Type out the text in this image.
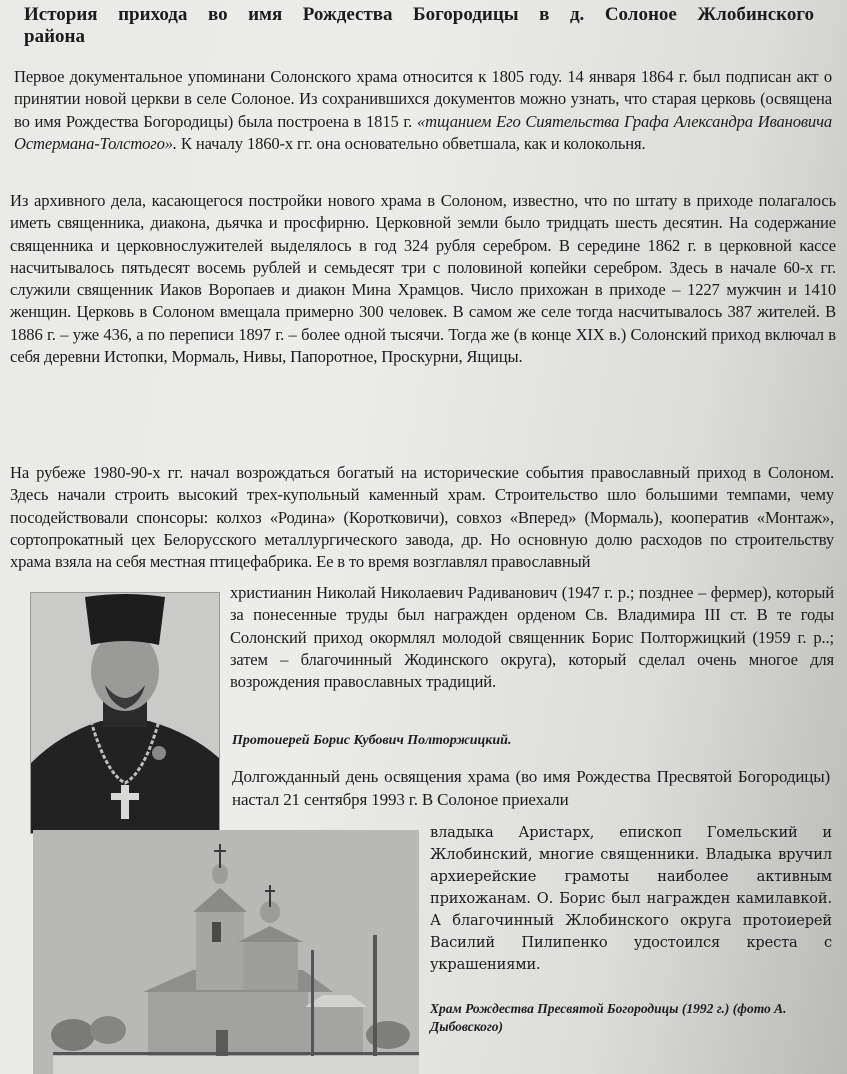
История прихода во имя Рождества Богородицы в д. Солоное Жлобинского района
Первое документальное упоминани Солонского храма относится к 1805 году. 14 января 1864 г. был подписан акт о принятии новой церкви в селе Солоное. Из сохранившихся документов можно узнать, что старая церковь (освящена во имя Рождества Богородицы) была построена в 1815 г. «тщанием Его Сиятельства Графа Александра Ивановича Остермана-Толстого». К началу 1860-х гг. она основательно обветшала, как и колокольня.
Из архивного дела, касающегося постройки нового храма в Солоном, известно, что по штату в приходе полагалось иметь священника, диакона, дьячка и просфирню. Церковной земли было тридцать шесть десятин. На содержание священника и церковнослужителей выделялось в год 324 рубля серебром. В середине 1862 г. в церковной кассе насчитывалось пятьдесят восемь рублей и семьдесят три с половиной копейки серебром. Здесь в начале 60-х гг. служили священник Иаков Воропаев и диакон Мина Храмцов. Число прихожан в приходе – 1227 мужчин и 1410 женщин. Церковь в Солоном вмещала примерно 300 человек. В самом же селе тогда насчитывалось 387 жителей. В 1886 г. – уже 436, а по переписи 1897 г. – более одной тысячи. Тогда же (в конце XIX в.) Солонский приход включал в себя деревни Истопки, Мормаль, Нивы, Папоротное, Проскурни, Ящицы.
На рубеже 1980-90-х гг. начал возрождаться богатый на исторические события православный приход в Солоном. Здесь начали строить высокий трех-купольный каменный храм. Строительство шло большими темпами, чему посодействовали спонсоры: колхоз «Родина» (Коротковичи), совхоз «Вперед» (Мормаль), кооператив «Монтаж», сортопрокатный цех Белорусского металлургического завода, др. Но основную долю расходов по строительству храма взяла на себя местная птицефабрика. Ее в то время возглавлял православный
христианин Николай Николаевич Радиванович (1947 г. р.; позднее – фермер), который за понесенные труды был награжден орденом Св. Владимира III ст. В те годы Солонский приход окормлял молодой священник Борис Полторжицкий (1959 г. р..; затем – благочинный Жодинского округа), который сделал очень многое для возрождения православных традиций.
Протоиерей Борис Кубович Полторжицкий.
Долгожданный день освящения храма (во имя Рождества Пресвятой Богородицы) настал 21 сентября 1993 г. В Солоное приехали
владыка Аристарх, епископ Гомельский и Жлобинский, многие священники. Владыка вручил архиерейские грамоты наиболее активным прихожанам. О. Борис был награжден камилавкой. А благочинный Жлобинского округа протоиерей Василий Пилипенко удостоился креста с украшениями.
Храм Рождества Пресвятой Богородицы (1992 г.) (фото А. Дыбовского)
